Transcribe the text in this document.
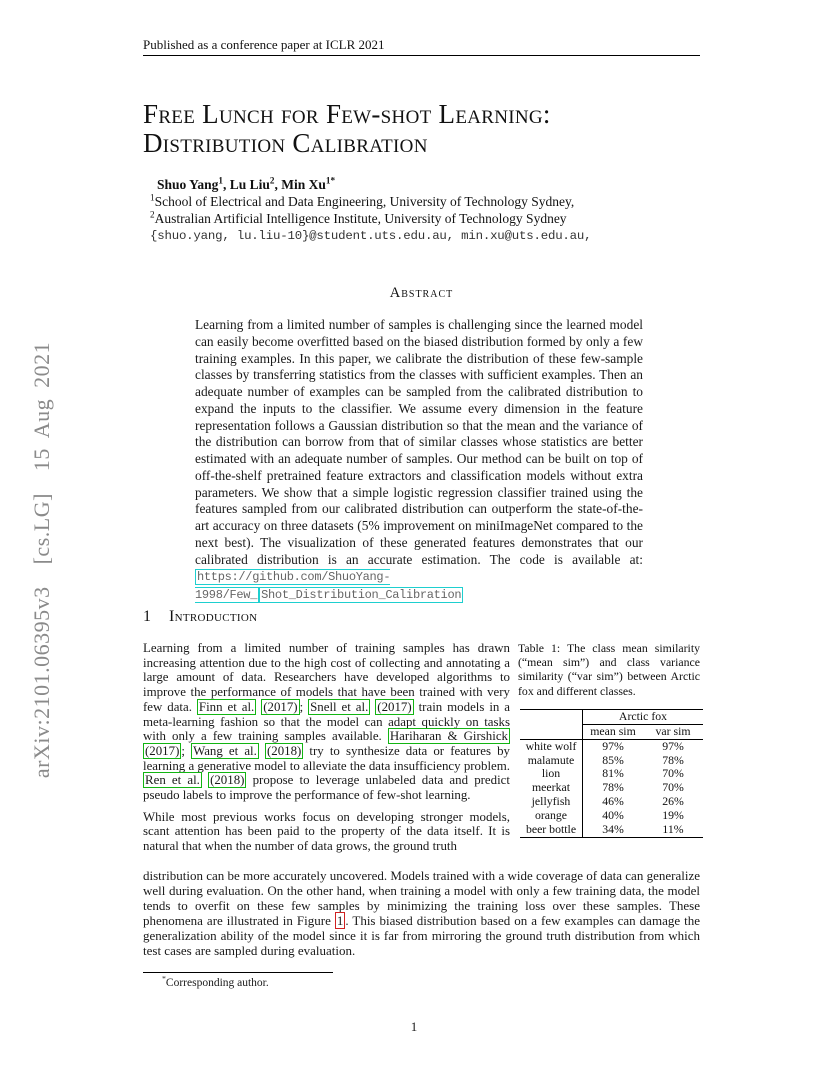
arXiv:2101.06395v3  [cs.LG]  15 Aug 2021
Published as a conference paper at ICLR 2021
Free Lunch for Few-shot Learning:
Distribution Calibration
Shuo Yang$^1$, Lu Liu$^2$, Min $Xu^{1*}$
$^1$School of Electrical and Data Engineering, University of Technology Sydney,
$^2$Australian Artificial Intelligence Institute, University of Technology Sydney
{shuo.yang, lu.liu-10}@student.uts.edu.au, min.xu@uts.edu.au,
Abstract
Learning from a limited number of samples is challenging since the learned model can easily become overfitted based on the biased distribution formed by only a few training examples. In this paper, we calibrate the distribution of these few-sample classes by transferring statistics from the classes with sufficient examples. Then an adequate number of examples can be sampled from the calibrated distribution to expand the inputs to the classifier. We assume every dimension in the feature representation follows a Gaussian distribution so that the mean and the variance of the distribution can borrow from that of similar classes whose statistics are better estimated with an adequate number of samples. Our method can be built on top of off-the-shelf pretrained feature extractors and classification models without extra parameters. We show that a simple logistic regression classifier trained using the features sampled from our calibrated distribution can outperform the state-of-the-art accuracy on three datasets (5% improvement on miniImageNet compared to the next best). The visualization of these generated features demonstrates that our calibrated distribution is an accurate estimation. The code is available at: https://github.com/ShuoYang-1998/Few_ Shot_Distribution_Calibration
1 Introduction

Learning from a limited number of training samples has drawn increasing attention due to the high cost of collecting and annotating a large amount of data. Researchers have developed algorithms to improve the performance of models that have been trained with very few data. Finn et al. (2017) ; Snell et al. (2017) train models in a meta-learning fashion so that the model can adapt quickly on tasks with only a few training samples available. Hariharan & Girshick (2017) ; Wang et al. (2018) try to synthesize data or features by learning a generative model to alleviate the data insufficiency problem. Ren et al. (2018) propose to leverage unlabeled data and predict pseudo labels to improve the performance of few-shot learning.

While most previous works focus on developing stronger models, scant attention has been paid to the property of the data itself. It is natural that when the number of data grows, the ground truth

Table 1: The class mean similarity (“mean sim”) and class variance similarity (“var sim”) between Arctic fox and different classes.
	Arctic fox	
	mean sim	var sim
white wolf	97%	97%
malamute	85%	78%
lion	81%	70%
meerkat	78%	70%
jellyfish	46%	26%
orange	40%	19%
beer bottle	34%	11%
distribution can be more accurately uncovered. Models trained with a wide coverage of data can generalize well during evaluation. On the other hand, when training a model with only a few training data, the model tends to overfit on these few samples by minimizing the training loss over these samples. These phenomena are illustrated in Figure 1 . This biased distribution based on a few examples can damage the generalization ability of the model since it is far from mirroring the ground truth distribution from which test cases are sampled during evaluation.
*Corresponding author.
1
